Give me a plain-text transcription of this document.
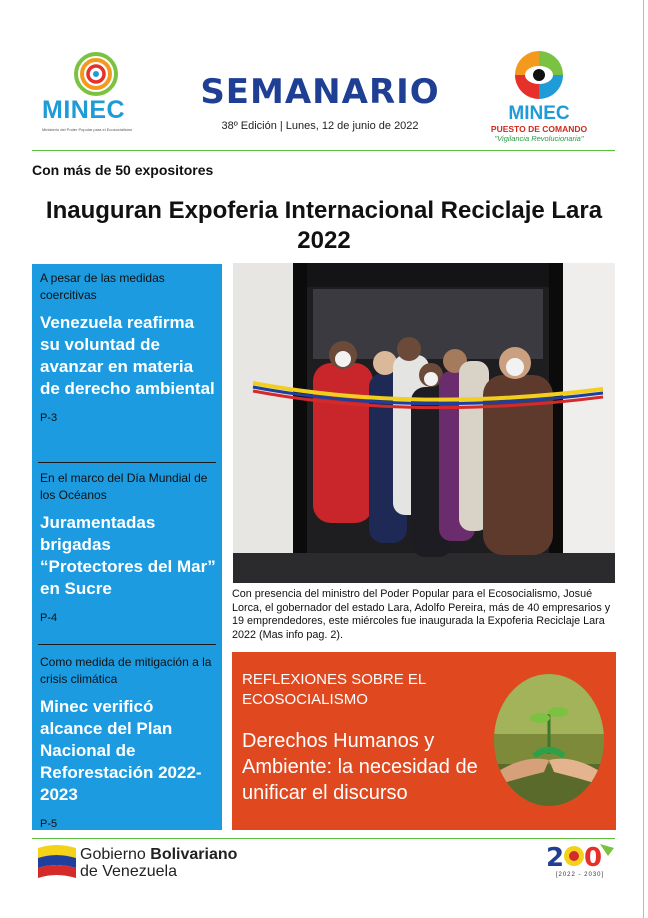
MINEC
Ministerio del Poder Popular para el Ecosocialismo
SEMANARIO
38º Edición | Lunes, 12 de junio de 2022
MINEC
PUESTO DE COMANDO
"Vigilancia Revolucionaria"
Con más de 50 expositores
Inauguran Expoferia Internacional Reciclaje Lara 2022
A pesar de las medidas coercitivas
Venezuela reafirma su voluntad de avanzar en materia de derecho ambiental
P-3
En el marco del Día Mundial de los Océanos
Juramentadas brigadas “Protectores del Mar” en Sucre
P-4
Como medida de mitigación a la crisis climática
Minec verificó alcance del Plan Nacional de Reforestación 2022-2023
P-5
Con presencia del ministro del Poder Popular para el Ecosocialismo, Josué Lorca, el gobernador del estado Lara, Adolfo Pereira, más de 40 empresarios y 19 emprendedores, este miércoles fue inaugurada la Expoferia Reciclaje Lara 2022 (Mas info pag. 2).
REFLEXIONES SOBRE EL ECOSOCIALISMO
Derechos Humanos y Ambiente: la necesidad de unificar el discurso
Gobierno Bolivariano
de Venezuela	2 0
[2022 - 2030]
